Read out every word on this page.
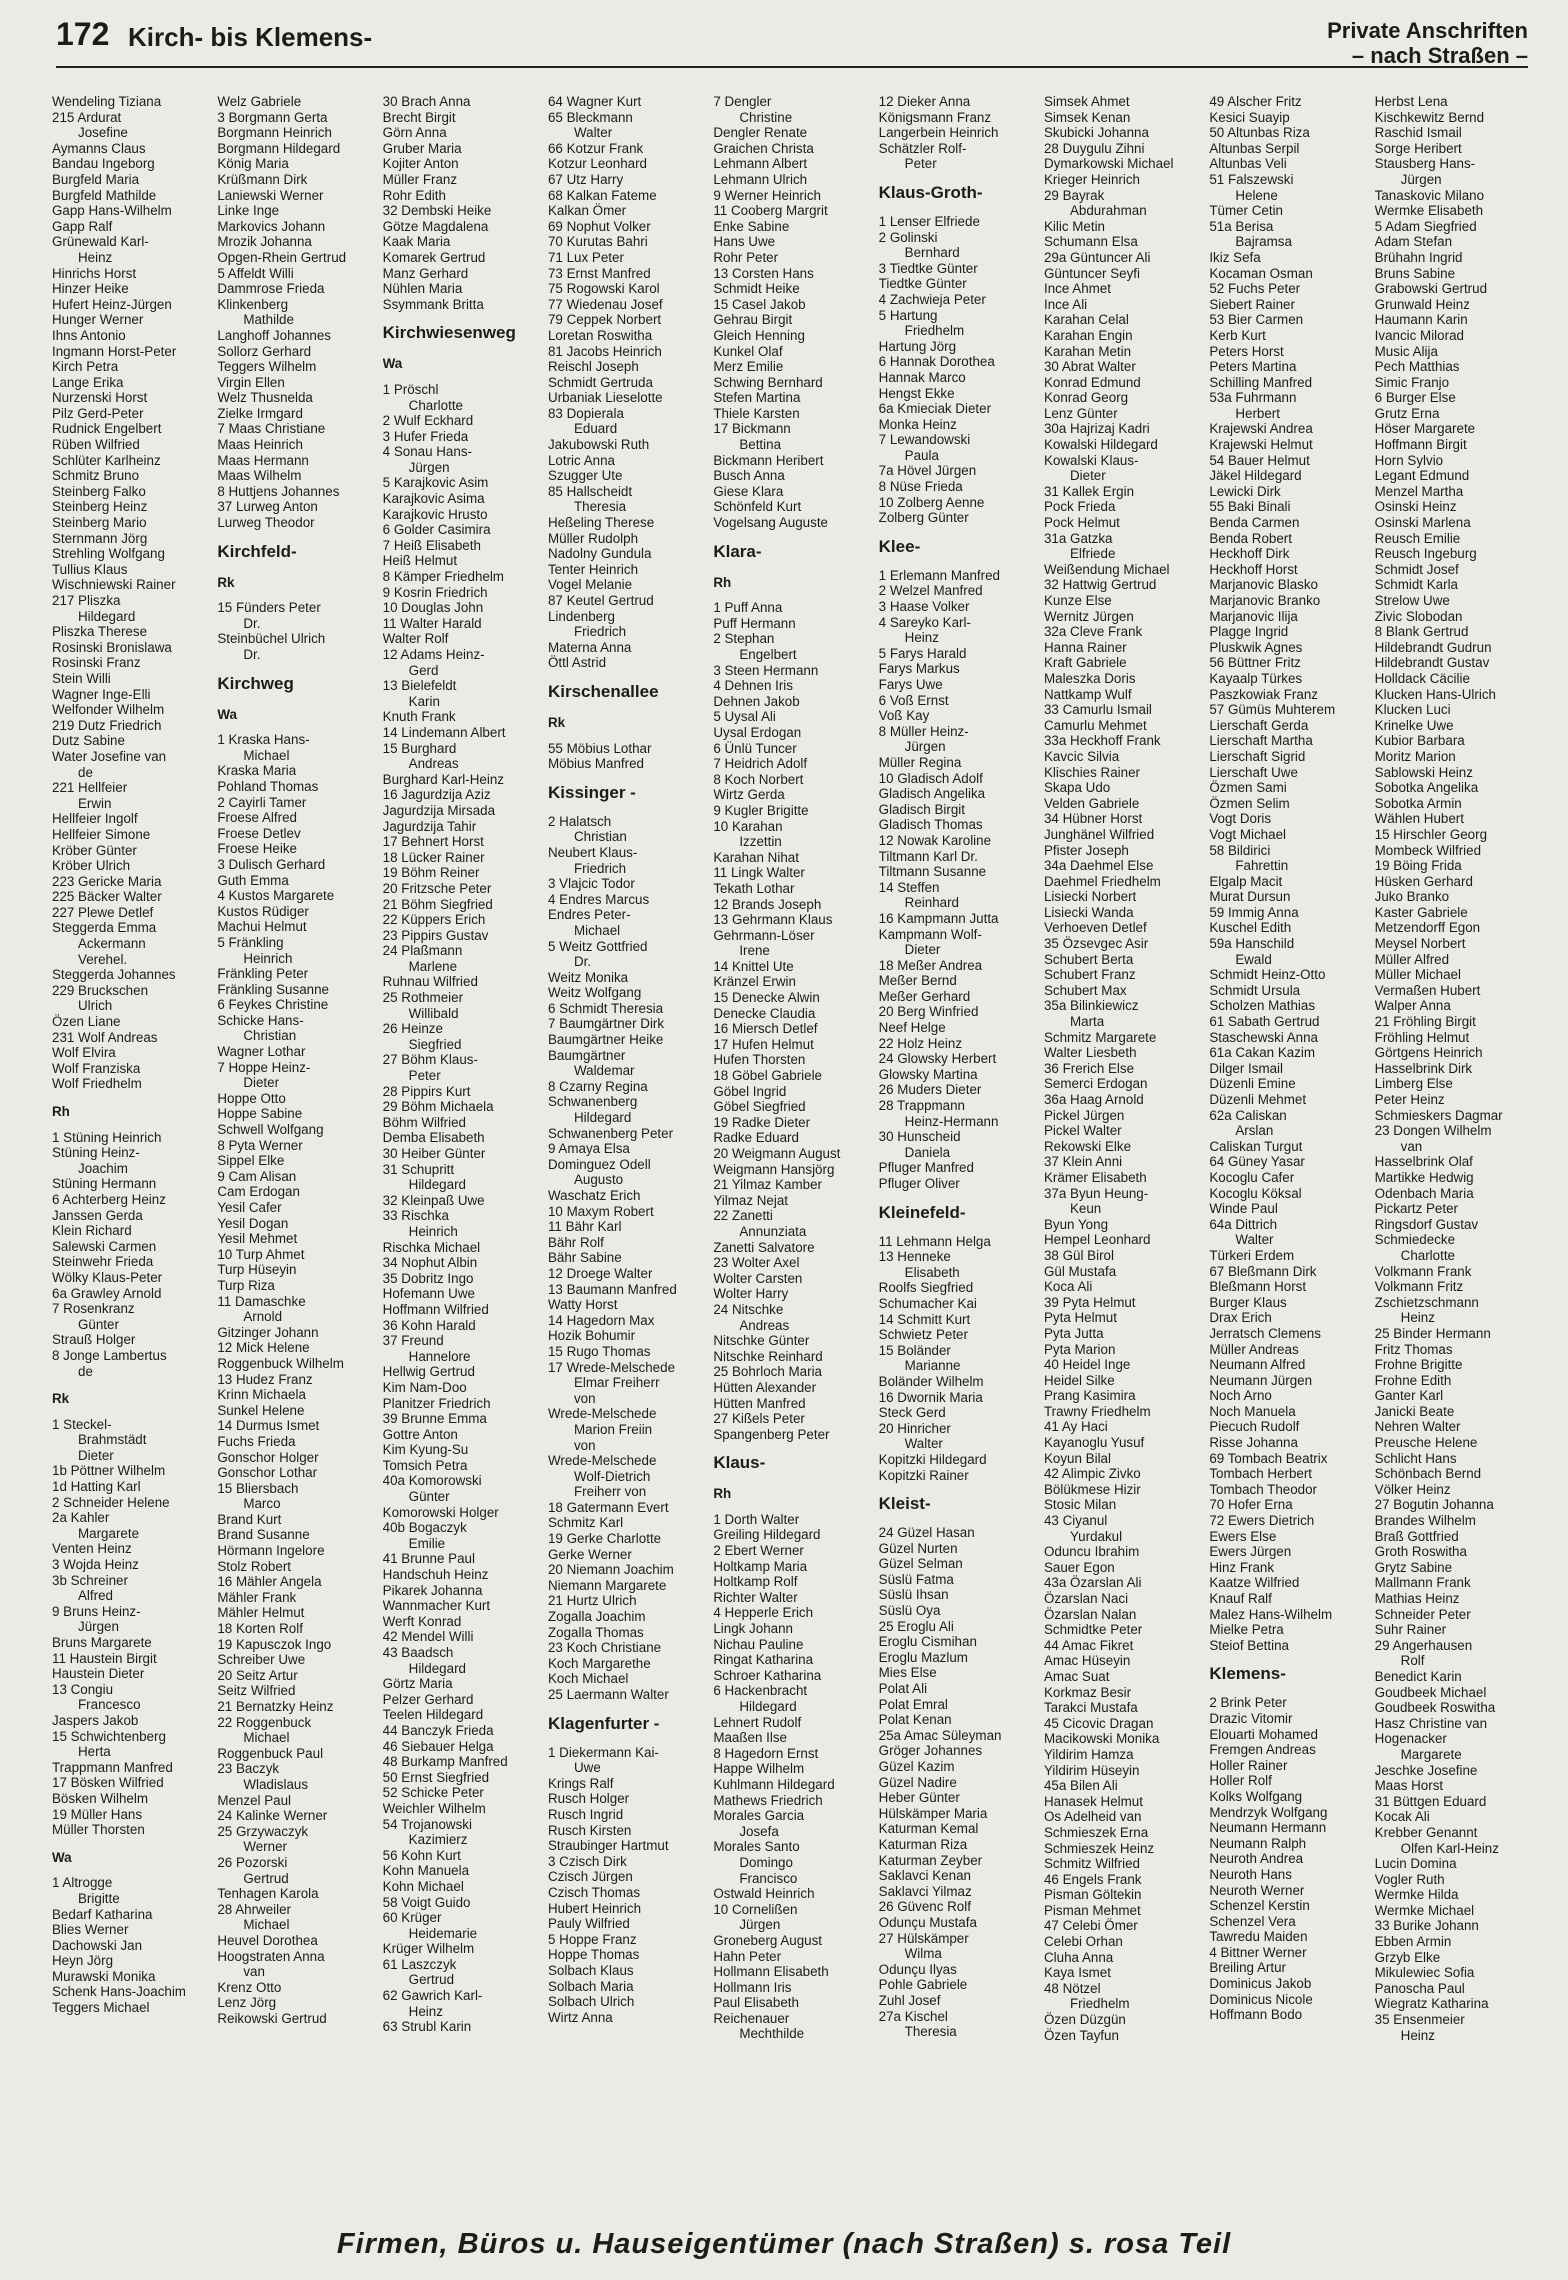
172 Kirch- bis Klemens-	Private Anschriften
– nach Straßen –
Wendeling Tiziana
215 Ardurat
Josefine
Aymanns Claus
Bandau Ingeborg
Burgfeld Maria
Burgfeld Mathilde
Gapp Hans-Wilhelm
Gapp Ralf
Grünewald Karl-
Heinz
Hinrichs Horst
Hinzer Heike
Hufert Heinz-Jürgen
Hunger Werner
Ihns Antonio
Ingmann Horst-Peter
Kirch Petra
Lange Erika
Nurzenski Horst
Pilz Gerd-Peter
Rudnick Engelbert
Rüben Wilfried
Schlüter Karlheinz
Schmitz Bruno
Steinberg Falko
Steinberg Heinz
Steinberg Mario
Sternmann Jörg
Strehling Wolfgang
Tullius Klaus
Wischniewski Rainer
217 Pliszka
Hildegard
Pliszka Therese
Rosinski Bronislawa
Rosinski Franz
Stein Willi
Wagner Inge-Elli
Welfonder Wilhelm
219 Dutz Friedrich
Dutz Sabine
Water Josefine van
de
221 Hellfeier
Erwin
Hellfeier Ingolf
Hellfeier Simone
Kröber Günter
Kröber Ulrich
223 Gericke Maria
225 Bäcker Walter
227 Plewe Detlef
Steggerda Emma
Ackermann
Verehel.
Steggerda Johannes
229 Bruckschen
Ulrich
Özen Liane
231 Wolf Andreas
Wolf Elvira
Wolf Franziska
Wolf Friedhelm
Rh
1 Stüning Heinrich
Stüning Heinz-
Joachim
Stüning Hermann
6 Achterberg Heinz
Janssen Gerda
Klein Richard
Salewski Carmen
Steinwehr Frieda
Wölky Klaus-Peter
6a Grawley Arnold
7 Rosenkranz
Günter
Strauß Holger
8 Jonge Lambertus
de
Rk
1 Steckel-
Brahmstädt
Dieter
1b Pöttner Wilhelm
1d Hatting Karl
2 Schneider Helene
2a Kahler
Margarete
Venten Heinz
3 Wojda Heinz
3b Schreiner
Alfred
9 Bruns Heinz-
Jürgen
Bruns Margarete
11 Haustein Birgit
Haustein Dieter
13 Congiu
Francesco
Jaspers Jakob
15 Schwichtenberg
Herta
Trappmann Manfred
17 Bösken Wilfried
Bösken Wilhelm
19 Müller Hans
Müller Thorsten
Wa
1 Altrogge
Brigitte
Bedarf Katharina
Blies Werner
Dachowski Jan
Heyn Jörg
Murawski Monika
Schenk Hans-Joachim
Teggers Michael
Welz Gabriele
3 Borgmann Gerta
Borgmann Heinrich
Borgmann Hildegard
König Maria
Krüßmann Dirk
Laniewski Werner
Linke Inge
Markovics Johann
Mrozik Johanna
Opgen-Rhein Gertrud
5 Affeldt Willi
Dammrose Frieda
Klinkenberg
Mathilde
Langhoff Johannes
Sollorz Gerhard
Teggers Wilhelm
Virgin Ellen
Welz Thusnelda
Zielke Irmgard
7 Maas Christiane
Maas Heinrich
Maas Hermann
Maas Wilhelm
8 Huttjens Johannes
37 Lurweg Anton
Lurweg Theodor
Kirchfeld-
Rk
15 Fünders Peter
Dr.
Steinbüchel Ulrich
Dr.
Kirchweg
Wa
1 Kraska Hans-
Michael
Kraska Maria
Pohland Thomas
2 Cayirli Tamer
Froese Alfred
Froese Detlev
Froese Heike
3 Dulisch Gerhard
Guth Emma
4 Kustos Margarete
Kustos Rüdiger
Machui Helmut
5 Fränkling
Heinrich
Fränkling Peter
Fränkling Susanne
6 Feykes Christine
Schicke Hans-
Christian
Wagner Lothar
7 Hoppe Heinz-
Dieter
Hoppe Otto
Hoppe Sabine
Schwell Wolfgang
8 Pyta Werner
Sippel Elke
9 Cam Alisan
Cam Erdogan
Yesil Cafer
Yesil Dogan
Yesil Mehmet
10 Turp Ahmet
Turp Hüseyin
Turp Riza
11 Damaschke
Arnold
Gitzinger Johann
12 Mick Helene
Roggenbuck Wilhelm
13 Hudez Franz
Krinn Michaela
Sunkel Helene
14 Durmus Ismet
Fuchs Frieda
Gonschor Holger
Gonschor Lothar
15 Bliersbach
Marco
Brand Kurt
Brand Susanne
Hörmann Ingelore
Stolz Robert
16 Mähler Angela
Mähler Frank
Mähler Helmut
18 Korten Rolf
19 Kapusczok Ingo
Schreiber Uwe
20 Seitz Artur
Seitz Wilfried
21 Bernatzky Heinz
22 Roggenbuck
Michael
Roggenbuck Paul
23 Baczyk
Wladislaus
Menzel Paul
24 Kalinke Werner
25 Grzywaczyk
Werner
26 Pozorski
Gertrud
Tenhagen Karola
28 Ahrweiler
Michael
Heuvel Dorothea
Hoogstraten Anna
van
Krenz Otto
Lenz Jörg
Reikowski Gertrud
30 Brach Anna
Brecht Birgit
Görn Anna
Gruber Maria
Kojiter Anton
Müller Franz
Rohr Edith
32 Dembski Heike
Götze Magdalena
Kaak Maria
Komarek Gertrud
Manz Gerhard
Nühlen Maria
Ssymmank Britta
Kirchwiesenweg
Wa
1 Pröschl
Charlotte
2 Wulf Eckhard
3 Hufer Frieda
4 Sonau Hans-
Jürgen
5 Karajkovic Asim
Karajkovic Asima
Karajkovic Hrusto
6 Golder Casimira
7 Heiß Elisabeth
Heiß Helmut
8 Kämper Friedhelm
9 Kosrin Friedrich
10 Douglas John
11 Walter Harald
Walter Rolf
12 Adams Heinz-
Gerd
13 Bielefeldt
Karin
Knuth Frank
14 Lindemann Albert
15 Burghard
Andreas
Burghard Karl-Heinz
16 Jagurdzija Aziz
Jagurdzija Mirsada
Jagurdzija Tahir
17 Behnert Horst
18 Lücker Rainer
19 Böhm Reiner
20 Fritzsche Peter
21 Böhm Siegfried
22 Küppers Erich
23 Pippirs Gustav
24 Plaßmann
Marlene
Ruhnau Wilfried
25 Rothmeier
Willibald
26 Heinze
Siegfried
27 Böhm Klaus-
Peter
28 Pippirs Kurt
29 Böhm Michaela
Böhm Wilfried
Demba Elisabeth
30 Heiber Günter
31 Schupritt
Hildegard
32 Kleinpaß Uwe
33 Rischka
Heinrich
Rischka Michael
34 Nophut Albin
35 Dobritz Ingo
Hofemann Uwe
Hoffmann Wilfried
36 Kohn Harald
37 Freund
Hannelore
Hellwig Gertrud
Kim Nam-Doo
Planitzer Friedrich
39 Brunne Emma
Gottre Anton
Kim Kyung-Su
Tomsich Petra
40a Komorowski
Günter
Komorowski Holger
40b Bogaczyk
Emilie
41 Brunne Paul
Handschuh Heinz
Pikarek Johanna
Wannmacher Kurt
Werft Konrad
42 Mendel Willi
43 Baadsch
Hildegard
Görtz Maria
Pelzer Gerhard
Teelen Hildegard
44 Banczyk Frieda
46 Siebauer Helga
48 Burkamp Manfred
50 Ernst Siegfried
52 Schicke Peter
Weichler Wilhelm
54 Trojanowski
Kazimierz
56 Kohn Kurt
Kohn Manuela
Kohn Michael
58 Voigt Guido
60 Krüger
Heidemarie
Krüger Wilhelm
61 Laszczyk
Gertrud
62 Gawrich Karl-
Heinz
63 Strubl Karin
64 Wagner Kurt
65 Bleckmann
Walter
66 Kotzur Frank
Kotzur Leonhard
67 Utz Harry
68 Kalkan Fateme
Kalkan Ömer
69 Nophut Volker
70 Kurutas Bahri
71 Lux Peter
73 Ernst Manfred
75 Rogowski Karol
77 Wiedenau Josef
79 Ceppek Norbert
Loretan Roswitha
81 Jacobs Heinrich
Reischl Joseph
Schmidt Gertruda
Urbaniak Lieselotte
83 Dopierala
Eduard
Jakubowski Ruth
Lotric Anna
Szugger Ute
85 Hallscheidt
Theresia
Heßeling Therese
Müller Rudolph
Nadolny Gundula
Tenter Heinrich
Vogel Melanie
87 Keutel Gertrud
Lindenberg
Friedrich
Materna Anna
Öttl Astrid
Kirschenallee
Rk
55 Möbius Lothar
Möbius Manfred
Kissinger -
2 Halatsch
Christian
Neubert Klaus-
Friedrich
3 Vlajcic Todor
4 Endres Marcus
Endres Peter-
Michael
5 Weitz Gottfried
Dr.
Weitz Monika
Weitz Wolfgang
6 Schmidt Theresia
7 Baumgärtner Dirk
Baumgärtner Heike
Baumgärtner
Waldemar
8 Czarny Regina
Schwanenberg
Hildegard
Schwanenberg Peter
9 Amaya Elsa
Dominguez Odell
Augusto
Waschatz Erich
10 Maxym Robert
11 Bähr Karl
Bähr Rolf
Bähr Sabine
12 Droege Walter
13 Baumann Manfred
Watty Horst
14 Hagedorn Max
Hozik Bohumir
15 Rugo Thomas
17 Wrede-Melschede
Elmar Freiherr
von
Wrede-Melschede
Marion Freiin
von
Wrede-Melschede
Wolf-Dietrich
Freiherr von
18 Gatermann Evert
Schmitz Karl
19 Gerke Charlotte
Gerke Werner
20 Niemann Joachim
Niemann Margarete
21 Hurtz Ulrich
Zogalla Joachim
Zogalla Thomas
23 Koch Christiane
Koch Margarethe
Koch Michael
25 Laermann Walter
Klagenfurter -
1 Diekermann Kai-
Uwe
Krings Ralf
Rusch Holger
Rusch Ingrid
Rusch Kirsten
Straubinger Hartmut
3 Czisch Dirk
Czisch Jürgen
Czisch Thomas
Hubert Heinrich
Pauly Wilfried
5 Hoppe Franz
Hoppe Thomas
Solbach Klaus
Solbach Maria
Solbach Ulrich
Wirtz Anna
7 Dengler
Christine
Dengler Renate
Graichen Christa
Lehmann Albert
Lehmann Ulrich
9 Werner Heinrich
11 Cooberg Margrit
Enke Sabine
Hans Uwe
Rohr Peter
13 Corsten Hans
Schmidt Heike
15 Casel Jakob
Gehrau Birgit
Gleich Henning
Kunkel Olaf
Merz Emilie
Schwing Bernhard
Stefen Martina
Thiele Karsten
17 Bickmann
Bettina
Bickmann Heribert
Busch Anna
Giese Klara
Schönfeld Kurt
Vogelsang Auguste
Klara-
Rh
1 Puff Anna
Puff Hermann
2 Stephan
Engelbert
3 Steen Hermann
4 Dehnen Iris
Dehnen Jakob
5 Uysal Ali
Uysal Erdogan
6 Ünlü Tuncer
7 Heidrich Adolf
8 Koch Norbert
Wirtz Gerda
9 Kugler Brigitte
10 Karahan
Izzettin
Karahan Nihat
11 Lingk Walter
Tekath Lothar
12 Brands Joseph
13 Gehrmann Klaus
Gehrmann-Löser
Irene
14 Knittel Ute
Kränzel Erwin
15 Denecke Alwin
Denecke Claudia
16 Miersch Detlef
17 Hufen Helmut
Hufen Thorsten
18 Göbel Gabriele
Göbel Ingrid
Göbel Siegfried
19 Radke Dieter
Radke Eduard
20 Weigmann August
Weigmann Hansjörg
21 Yilmaz Kamber
Yilmaz Nejat
22 Zanetti
Annunziata
Zanetti Salvatore
23 Wolter Axel
Wolter Carsten
Wolter Harry
24 Nitschke
Andreas
Nitschke Günter
Nitschke Reinhard
25 Bohrloch Maria
Hütten Alexander
Hütten Manfred
27 Kißels Peter
Spangenberg Peter
Klaus-
Rh
1 Dorth Walter
Greiling Hildegard
2 Ebert Werner
Holtkamp Maria
Holtkamp Rolf
Richter Walter
4 Hepperle Erich
Lingk Johann
Nichau Pauline
Ringat Katharina
Schroer Katharina
6 Hackenbracht
Hildegard
Lehnert Rudolf
Maaßen Ilse
8 Hagedorn Ernst
Happe Wilhelm
Kuhlmann Hildegard
Mathews Friedrich
Morales Garcia
Josefa
Morales Santo
Domingo
Francisco
Ostwald Heinrich
10 Cornelißen
Jürgen
Groneberg August
Hahn Peter
Hollmann Elisabeth
Hollmann Iris
Paul Elisabeth
Reichenauer
Mechthilde
12 Dieker Anna
Königsmann Franz
Langerbein Heinrich
Schätzler Rolf-
Peter
Klaus-Groth-
1 Lenser Elfriede
2 Golinski
Bernhard
3 Tiedtke Günter
Tiedtke Günter
4 Zachwieja Peter
5 Hartung
Friedhelm
Hartung Jörg
6 Hannak Dorothea
Hannak Marco
Hengst Ekke
6a Kmieciak Dieter
Monka Heinz
7 Lewandowski
Paula
7a Hövel Jürgen
8 Nüse Frieda
10 Zolberg Aenne
Zolberg Günter
Klee-
1 Erlemann Manfred
2 Welzel Manfred
3 Haase Volker
4 Sareyko Karl-
Heinz
5 Farys Harald
Farys Markus
Farys Uwe
6 Voß Ernst
Voß Kay
8 Müller Heinz-
Jürgen
Müller Regina
10 Gladisch Adolf
Gladisch Angelika
Gladisch Birgit
Gladisch Thomas
12 Nowak Karoline
Tiltmann Karl Dr.
Tiltmann Susanne
14 Steffen
Reinhard
16 Kampmann Jutta
Kampmann Wolf-
Dieter
18 Meßer Andrea
Meßer Bernd
Meßer Gerhard
20 Berg Winfried
Neef Helge
22 Holz Heinz
24 Glowsky Herbert
Glowsky Martina
26 Muders Dieter
28 Trappmann
Heinz-Hermann
30 Hunscheid
Daniela
Pfluger Manfred
Pfluger Oliver
Kleinefeld-
11 Lehmann Helga
13 Henneke
Elisabeth
Roolfs Siegfried
Schumacher Kai
14 Schmitt Kurt
Schwietz Peter
15 Boländer
Marianne
Boländer Wilhelm
16 Dwornik Maria
Steck Gerd
20 Hinricher
Walter
Kopitzki Hildegard
Kopitzki Rainer
Kleist-
24 Güzel Hasan
Güzel Nurten
Güzel Selman
Süslü Fatma
Süslü Ihsan
Süslü Oya
25 Eroglu Ali
Eroglu Cismihan
Eroglu Mazlum
Mies Else
Polat Ali
Polat Emral
Polat Kenan
25a Amac Süleyman
Gröger Johannes
Güzel Kazim
Güzel Nadire
Heber Günter
Hülskämper Maria
Katurman Kemal
Katurman Riza
Katurman Zeyber
Saklavci Kenan
Saklavci Yilmaz
26 Güvenc Rolf
Odunçu Mustafa
27 Hülskämper
Wilma
Odunçu Ilyas
Pohle Gabriele
Zuhl Josef
27a Kischel
Theresia
Simsek Ahmet
Simsek Kenan
Skubicki Johanna
28 Duygulu Zihni
Dymarkowski Michael
Krieger Heinrich
29 Bayrak
Abdurahman
Kilic Metin
Schumann Elsa
29a Güntuncer Ali
Güntuncer Seyfi
Ince Ahmet
Ince Ali
Karahan Celal
Karahan Engin
Karahan Metin
30 Abrat Walter
Konrad Edmund
Konrad Georg
Lenz Günter
30a Hajrizaj Kadri
Kowalski Hildegard
Kowalski Klaus-
Dieter
31 Kallek Ergin
Pock Frieda
Pock Helmut
31a Gatzka
Elfriede
Weißendung Michael
32 Hattwig Gertrud
Kunze Else
Wernitz Jürgen
32a Cleve Frank
Hanna Rainer
Kraft Gabriele
Maleszka Doris
Nattkamp Wulf
33 Camurlu Ismail
Camurlu Mehmet
33a Heckhoff Frank
Kavcic Silvia
Klischies Rainer
Skapa Udo
Velden Gabriele
34 Hübner Horst
Junghänel Wilfried
Pfister Joseph
34a Daehmel Else
Daehmel Friedhelm
Lisiecki Norbert
Lisiecki Wanda
Verhoeven Detlef
35 Özsevgec Asir
Schubert Berta
Schubert Franz
Schubert Max
35a Bilinkiewicz
Marta
Schmitz Margarete
Walter Liesbeth
36 Frerich Else
Semerci Erdogan
36a Haag Arnold
Pickel Jürgen
Pickel Walter
Rekowski Elke
37 Klein Anni
Krämer Elisabeth
37a Byun Heung-
Keun
Byun Yong
Hempel Leonhard
38 Gül Birol
Gül Mustafa
Koca Ali
39 Pyta Helmut
Pyta Helmut
Pyta Jutta
Pyta Marion
40 Heidel Inge
Heidel Silke
Prang Kasimira
Trawny Friedhelm
41 Ay Haci
Kayanoglu Yusuf
Koyun Bilal
42 Alimpic Zivko
Bölükmese Hizir
Stosic Milan
43 Ciyanul
Yurdakul
Oduncu Ibrahim
Sauer Egon
43a Özarslan Ali
Özarslan Naci
Özarslan Nalan
Schmidtke Peter
44 Amac Fikret
Amac Hüseyin
Amac Suat
Korkmaz Besir
Tarakci Mustafa
45 Cicovic Dragan
Macikowski Monika
Yildirim Hamza
Yildirim Hüseyin
45a Bilen Ali
Hanasek Helmut
Os Adelheid van
Schmieszek Erna
Schmieszek Heinz
Schmitz Wilfried
46 Engels Frank
Pisman Göltekin
Pisman Mehmet
47 Celebi Ömer
Celebi Orhan
Cluha Anna
Kaya Ismet
48 Nötzel
Friedhelm
Özen Düzgün
Özen Tayfun
49 Alscher Fritz
Kesici Suayip
50 Altunbas Riza
Altunbas Serpil
Altunbas Veli
51 Falszewski
Helene
Tümer Cetin
51a Berisa
Bajramsa
Ikiz Sefa
Kocaman Osman
52 Fuchs Peter
Siebert Rainer
53 Bier Carmen
Kerb Kurt
Peters Horst
Peters Martina
Schilling Manfred
53a Fuhrmann
Herbert
Krajewski Andrea
Krajewski Helmut
54 Bauer Helmut
Jäkel Hildegard
Lewicki Dirk
55 Baki Binali
Benda Carmen
Benda Robert
Heckhoff Dirk
Heckhoff Horst
Marjanovic Blasko
Marjanovic Branko
Marjanovic Ilija
Plagge Ingrid
Pluskwik Agnes
56 Büttner Fritz
Kayaalp Türkes
Paszkowiak Franz
57 Gümüs Muhterem
Lierschaft Gerda
Lierschaft Martha
Lierschaft Sigrid
Lierschaft Uwe
Özmen Sami
Özmen Selim
Vogt Doris
Vogt Michael
58 Bildirici
Fahrettin
Elgalp Macit
Murat Dursun
59 Immig Anna
Kuschel Edith
59a Hanschild
Ewald
Schmidt Heinz-Otto
Schmidt Ursula
Scholzen Mathias
61 Sabath Gertrud
Staschewski Anna
61a Cakan Kazim
Dilger Ismail
Düzenli Emine
Düzenli Mehmet
62a Caliskan
Arslan
Caliskan Turgut
64 Güney Yasar
Kocoglu Cafer
Kocoglu Köksal
Winde Paul
64a Dittrich
Walter
Türkeri Erdem
67 Bleßmann Dirk
Bleßmann Horst
Burger Klaus
Drax Erich
Jerratsch Clemens
Müller Andreas
Neumann Alfred
Neumann Jürgen
Noch Arno
Noch Manuela
Piecuch Rudolf
Risse Johanna
69 Tombach Beatrix
Tombach Herbert
Tombach Theodor
70 Hofer Erna
72 Ewers Dietrich
Ewers Else
Ewers Jürgen
Hinz Frank
Kaatze Wilfried
Knauf Ralf
Malez Hans-Wilhelm
Mielke Petra
Steiof Bettina
Klemens-
2 Brink Peter
Drazic Vitomir
Elouarti Mohamed
Fremgen Andreas
Holler Rainer
Holler Rolf
Kolks Wolfgang
Mendrzyk Wolfgang
Neumann Hermann
Neumann Ralph
Neuroth Andrea
Neuroth Hans
Neuroth Werner
Schenzel Kerstin
Schenzel Vera
Tawredu Maiden
4 Bittner Werner
Breiling Artur
Dominicus Jakob
Dominicus Nicole
Hoffmann Bodo
Herbst Lena
Kischkewitz Bernd
Raschid Ismail
Sorge Heribert
Stausberg Hans-
Jürgen
Tanaskovic Milano
Wermke Elisabeth
5 Adam Siegfried
Adam Stefan
Brühahn Ingrid
Bruns Sabine
Grabowski Gertrud
Grunwald Heinz
Haumann Karin
Ivancic Milorad
Music Alija
Pech Matthias
Simic Franjo
6 Burger Else
Grutz Erna
Höser Margarete
Hoffmann Birgit
Horn Sylvio
Legant Edmund
Menzel Martha
Osinski Heinz
Osinski Marlena
Reusch Emilie
Reusch Ingeburg
Schmidt Josef
Schmidt Karla
Strelow Uwe
Zivic Slobodan
8 Blank Gertrud
Hildebrandt Gudrun
Hildebrandt Gustav
Holldack Cäcilie
Klucken Hans-Ulrich
Klucken Luci
Krinelke Uwe
Kubior Barbara
Moritz Marion
Sablowski Heinz
Sobotka Angelika
Sobotka Armin
Wählen Hubert
15 Hirschler Georg
Mombeck Wilfried
19 Böing Frida
Hüsken Gerhard
Juko Branko
Kaster Gabriele
Metzendorff Egon
Meysel Norbert
Müller Alfred
Müller Michael
Vermaßen Hubert
Walper Anna
21 Fröhling Birgit
Fröhling Helmut
Görtgens Heinrich
Hasselbrink Dirk
Limberg Else
Peter Heinz
Schmieskers Dagmar
23 Dongen Wilhelm
van
Hasselbrink Olaf
Martikke Hedwig
Odenbach Maria
Pickartz Peter
Ringsdorf Gustav
Schmiedecke
Charlotte
Volkmann Frank
Volkmann Fritz
Zschietzschmann
Heinz
25 Binder Hermann
Fritz Thomas
Frohne Brigitte
Frohne Edith
Ganter Karl
Janicki Beate
Nehren Walter
Preusche Helene
Schlicht Hans
Schönbach Bernd
Völker Heinz
27 Bogutin Johanna
Brandes Wilhelm
Braß Gottfried
Groth Roswitha
Grytz Sabine
Mallmann Frank
Mathias Heinz
Schneider Peter
Suhr Rainer
29 Angerhausen
Rolf
Benedict Karin
Goudbeek Michael
Goudbeek Roswitha
Hasz Christine van
Hogenacker
Margarete
Jeschke Josefine
Maas Horst
31 Büttgen Eduard
Kocak Ali
Krebber Genannt
Olfen Karl-Heinz
Lucin Domina
Vogler Ruth
Wermke Hilda
Wermke Michael
33 Burike Johann
Ebben Armin
Grzyb Elke
Mikulewiec Sofia
Panoscha Paul
Wiegratz Katharina
35 Ensenmeier
Heinz
Firmen, Büros u. Hauseigentümer (nach Straßen) s. rosa Teil
